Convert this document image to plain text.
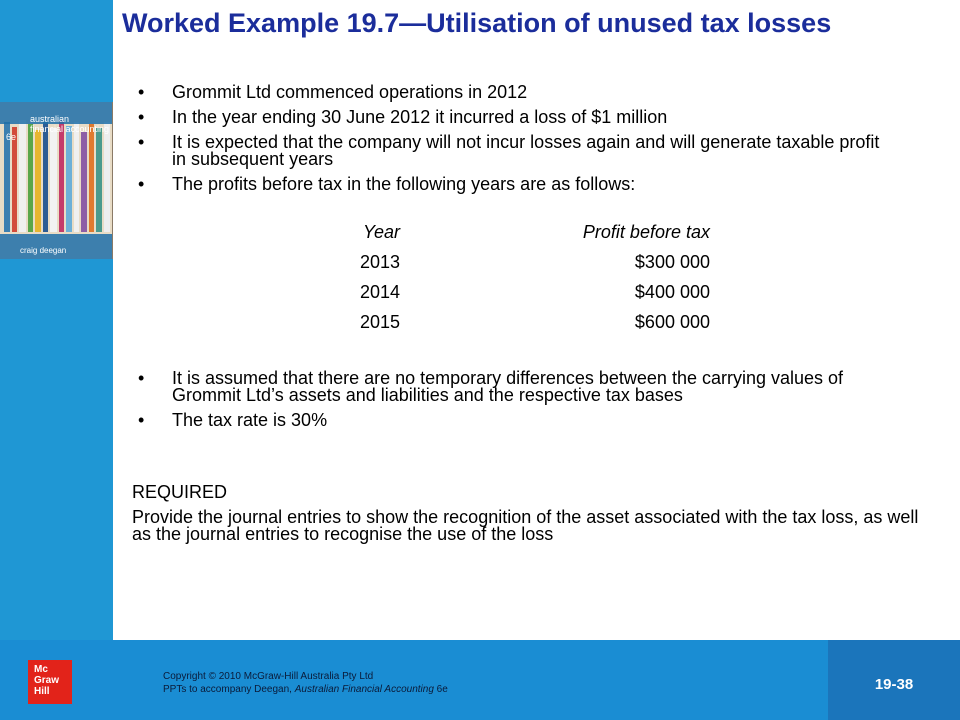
australian
financial accounting
6e
craig deegan
Worked Example 19.7—Utilisation of unused tax losses
• Grommit Ltd commenced operations in 2012
• In the year ending 30 June 2012 it incurred a loss of $1 million
• It is expected that the company will not incur losses again and will generate taxable profit in subsequent years
• The profits before tax in the following years are as follows:
Year	Profit before tax
2013	$300 000
2014	$400 000
2015	$600 000
• It is assumed that there are no temporary differences between the carrying values of Grommit Ltd’s assets and liabilities and the respective tax bases
• The tax rate is 30%
REQUIRED
Provide the journal entries to show the recognition of the asset associated with the tax loss, as well as the journal entries to recognise the use of the loss
Mc
Graw
Hill
Copyright © 2010 McGraw-Hill Australia Pty Ltd
PPTs to accompany Deegan, Australian Financial Accounting 6e	19-38
